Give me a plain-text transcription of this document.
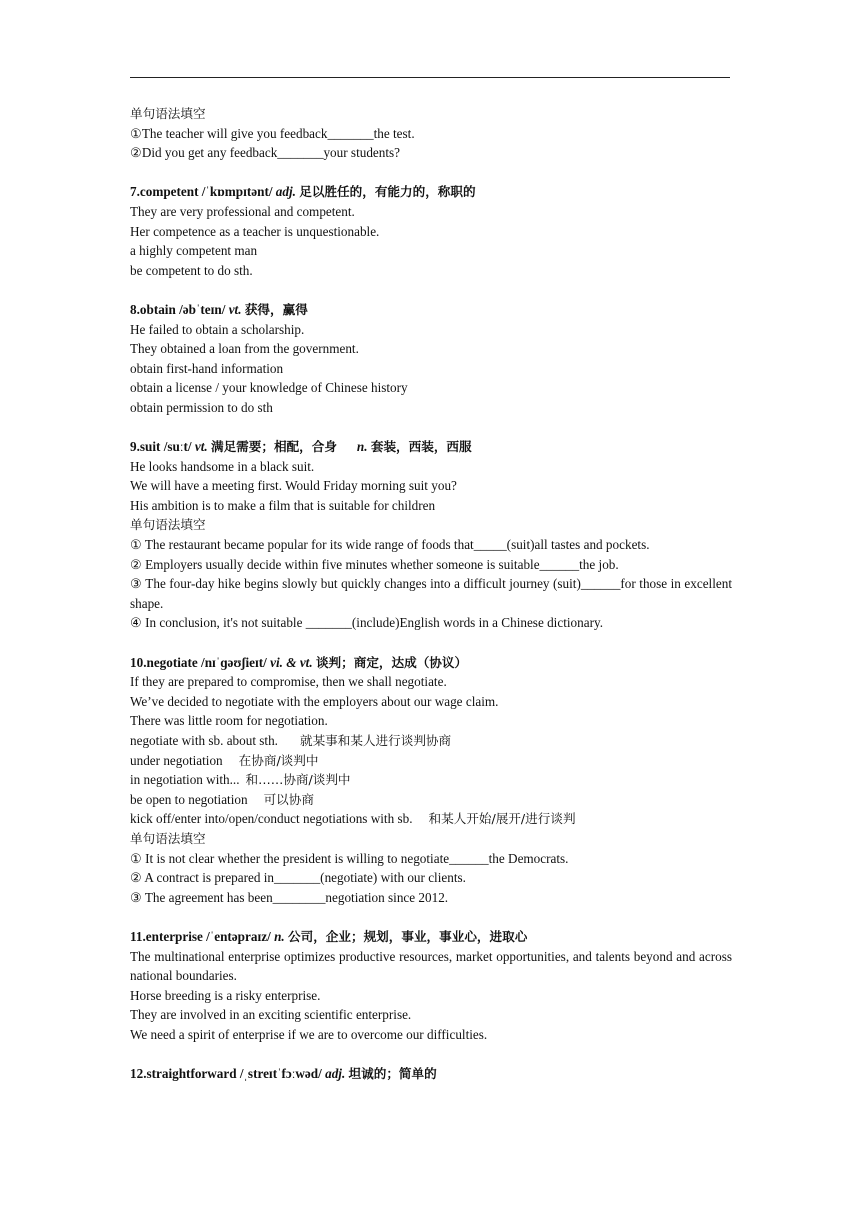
单句语法填空
①The teacher will give you feedback_______the test.
②Did you get any feedback_______your students?
7.competent /ˈkɒmpɪtənt/ adj. 足以胜任的，有能力的，称职的
They are very professional and competent.
Her competence as a teacher is unquestionable.
a highly competent man
be competent to do sth.
8.obtain /əbˈteɪn/ vt. 获得，赢得
He failed to obtain a scholarship.
They obtained a loan from the government.
obtain first-hand information
obtain a license / your knowledge of Chinese history
obtain permission to do sth
9.suit /suːt/ vt. 满足需要；相配，合身 n. 套装，西装，西服
He looks handsome in a black suit.
We will have a meeting first. Would Friday morning suit you?
His ambition is to make a film that is suitable for children
单句语法填空
① The restaurant became popular for its wide range of foods that_____(suit)all tastes and pockets.
② Employers usually decide within five minutes whether someone is suitable______the job.
③ The four-day hike begins slowly but quickly changes into a difficult journey (suit)______for those in excellent shape.
④ In conclusion, it's not suitable _______(include)English words in a Chinese dictionary.
10.negotiate /nɪˈɡəʊʃieɪt/ vi. & vt. 谈判；商定，达成（协议）
If they are prepared to compromise, then we shall negotiate.
We’ve decided to negotiate with the employers about our wage claim.
There was little room for negotiation.
negotiate with sb. about sth. 就某事和某人进行谈判协商
under negotiation 在协商/谈判中
in negotiation with... 和……协商/谈判中
be open to negotiation 可以协商
kick off/enter into/open/conduct negotiations with sb. 和某人开始/展开/进行谈判
单句语法填空
① It is not clear whether the president is willing to negotiate______the Democrats.
② A contract is prepared in_______(negotiate) with our clients.
③ The agreement has been________negotiation since 2012.
11.enterprise /ˈentəpraɪz/ n. 公司，企业；规划，事业，事业心，进取心
The multinational enterprise optimizes productive resources, market opportunities, and talents beyond and across national boundaries.
Horse breeding is a risky enterprise.
They are involved in an exciting scientific enterprise.
We need a spirit of enterprise if we are to overcome our difficulties.
12.straightforward /ˌstreɪtˈfɔːwəd/ adj. 坦诚的；简单的
